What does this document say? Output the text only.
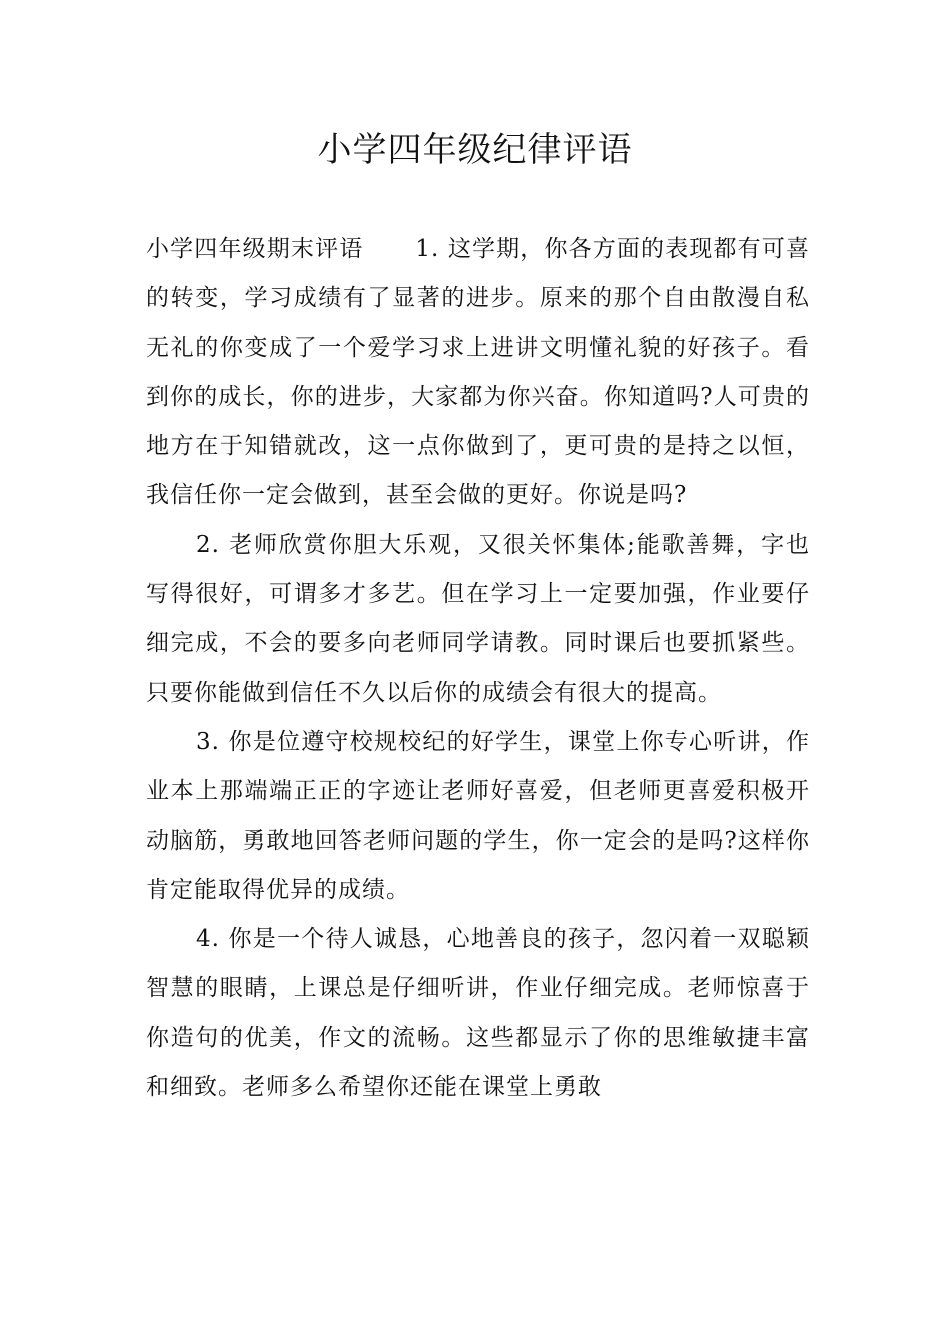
小学四年级纪律评语

小学四年级期末评语 1. 这学期，你各方面的表现都有可喜的转变，学习成绩有了显著的进步。原来的那个自由散漫自私无礼的你变成了一个爱学习求上进讲文明懂礼貌的好孩子。看到你的成长，你的进步，大家都为你兴奋。你知道吗?人可贵的地方在于知错就改，这一点你做到了，更可贵的是持之以恒，我信任你一定会做到，甚至会做的更好。你说是吗?

2. 老师欣赏你胆大乐观，又很关怀集体;能歌善舞，字也写得很好，可谓多才多艺。但在学习上一定要加强，作业要仔细完成，不会的要多向老师同学请教。同时课后也要抓紧些。只要你能做到信任不久以后你的成绩会有很大的提高。

3. 你是位遵守校规校纪的好学生，课堂上你专心听讲，作业本上那端端正正的字迹让老师好喜爱，但老师更喜爱积极开动脑筋，勇敢地回答老师问题的学生，你一定会的是吗?这样你肯定能取得优异的成绩。

4. 你是一个待人诚恳，心地善良的孩子，忽闪着一双聪颖智慧的眼睛，上课总是仔细听讲，作业仔细完成。老师惊喜于你造句的优美，作文的流畅。这些都显示了你的思维敏捷丰富和细致。老师多么希望你还能在课堂上勇敢
